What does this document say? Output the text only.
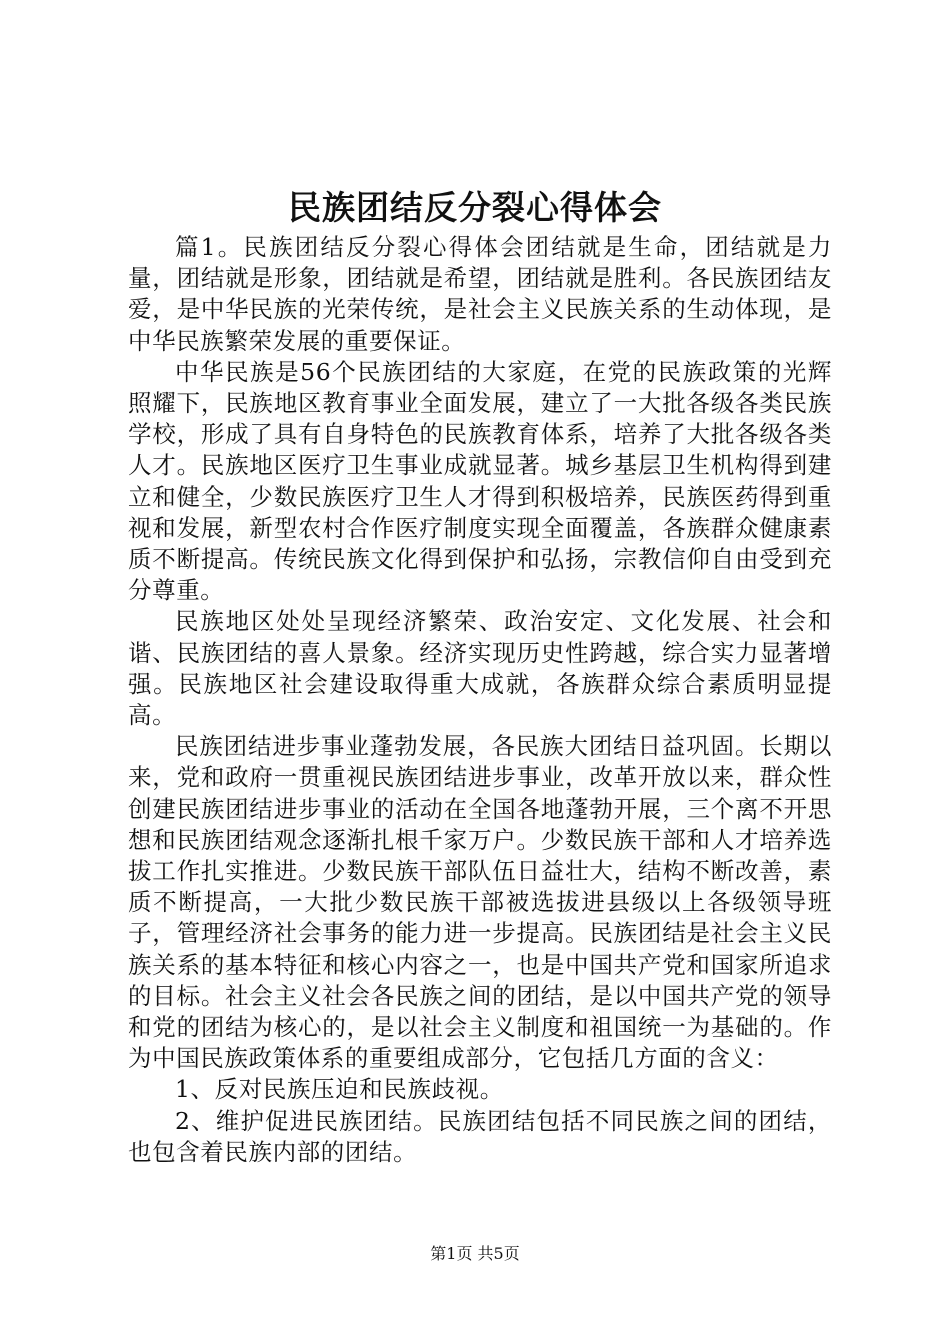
民族团结反分裂心得体会

篇1。民族团结反分裂心得体会团结就是生命，团结就是力量，团结就是形象，团结就是希望，团结就是胜利。各民族团结友爱，是中华民族的光荣传统，是社会主义民族关系的生动体现，是中华民族繁荣发展的重要保证。

中华民族是56个民族团结的大家庭，在党的民族政策的光辉照耀下，民族地区教育事业全面发展，建立了一大批各级各类民族学校，形成了具有自身特色的民族教育体系，培养了大批各级各类人才。民族地区医疗卫生事业成就显著。城乡基层卫生机构得到建立和健全，少数民族医疗卫生人才得到积极培养，民族医药得到重视和发展，新型农村合作医疗制度实现全面覆盖，各族群众健康素质不断提高。传统民族文化得到保护和弘扬，宗教信仰自由受到充分尊重。

民族地区处处呈现经济繁荣、政治安定、文化发展、社会和谐、民族团结的喜人景象。经济实现历史性跨越，综合实力显著增强。民族地区社会建设取得重大成就，各族群众综合素质明显提高。

民族团结进步事业蓬勃发展，各民族大团结日益巩固。长期以来，党和政府一贯重视民族团结进步事业，改革开放以来，群众性创建民族团结进步事业的活动在全国各地蓬勃开展，三个离不开思想和民族团结观念逐渐扎根千家万户。少数民族干部和人才培养选拔工作扎实推进。少数民族干部队伍日益壮大，结构不断改善，素质不断提高，一大批少数民族干部被选拔进县级以上各级领导班子，管理经济社会事务的能力进一步提高。民族团结是社会主义民族关系的基本特征和核心内容之一，也是中国共产党和国家所追求的目标。社会主义社会各民族之间的团结，是以中国共产党的领导和党的团结为核心的，是以社会主义制度和祖国统一为基础的。作为中国民族政策体系的重要组成部分，它包括几方面的含义：

1、反对民族压迫和民族歧视。

2、维护促进民族团结。民族团结包括不同民族之间的团结，也包含着民族内部的团结。

第1页 共5页
